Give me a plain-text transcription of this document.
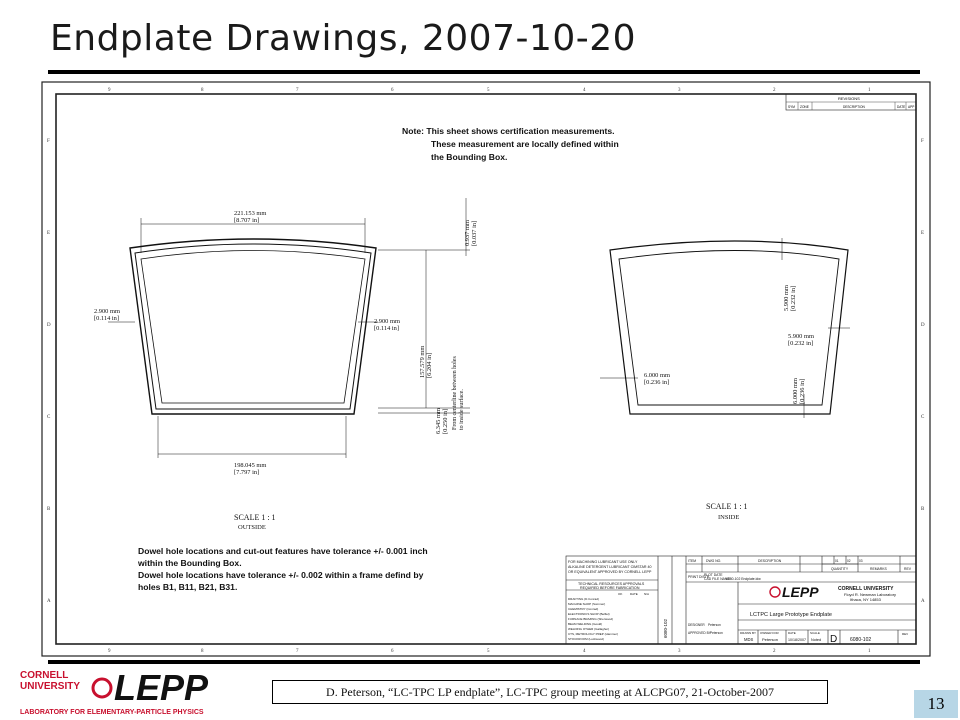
Endplate Drawings, 2007-10-20
9	8	7	6	5	4	3	2	1
9	8	7	6	5	4	3	2	1
F
E
D
C
B
A
F
E
D
C
B
A
REVISIONS
SYM ZONE	DESCRIPTION	DATE APP
Note: This sheet shows certification measurements.
These measurement are locally defined within
the Bounding Box.
221.153 mm
[8.707 in]
2.900 mm
[0.114 in]	2.900 mm
[0.114 in]
198.045 mm
[7.797 in]
0.937 mm [0.037 in]
157.579 mm [6.204 in]
6.345 mm [0.250 in] From centerline between holes to inside surface.
5.900 mm [0.232 in]
5.900 mm
[0.232 in]
6.000 mm
[0.236 in]	6.000 mm [0.236 in]
SCALE 1 : 1
OUTSIDE
SCALE 1 : 1
INSIDE
Dowel hole locations and cut-out features have tolerance +/- 0.001 inch
within the Bounding Box.
Dowel hole locations have tolerance +/- 0.002 within a frame defind by
holes B1, B11, B21, B31.
FOR MACHINING LUBRICANT USE ONLY
ALKALINE DETERGENT LUBRICANT CIMSTAR 40
OR EQUIVALENT APPROVED BY CORNELL LEPP
TECHNICAL RESOURCES APPROVALS
REQUIRED BEFORE FABRICATION
OK	DATE N/A
DRAFTING (D.Conrad)
MACHINE SHOP (Sommer)
CHEMISTRY (Conrad)
ELECTRONICS SHOP (Belfiel)
FURNACE BRAZING (Sherwood)
BEAM WELDING (Gould)
WELDING OTHER (Gallagher)
CTS, METROLOGY PREP (Hammer)
STOCKROOM (Lockwood)
6080-102
ITEM	DWG NO.	DESCRIPTION	01	02	03
QUANTITY	REMARKS	REV
PRINT DISTR
PLOT DATE
CAD FILE NAME
6080-102 Endplate.idw
DESIGNER Peterson
APPROVED BY Peterson
CORNELL UNIVERSITY
Floyd R. Newman Laboratory
Ithaca, NY 14853
LCTPC Large Prototype Endplate
DRAWN BY
MDS
OWNER FOR
Peterson
DATE
10/18/2007
SCALE
Noted D	6080-102
REV
LEPP
CORNELL
UNIVERSITY LEPP
LABORATORY FOR ELEMENTARY-PARTICLE PHYSICS
D. Peterson, “LC-TPC LP endplate”, LC-TPC group meeting at ALCPG07, 21-October-2007
13
